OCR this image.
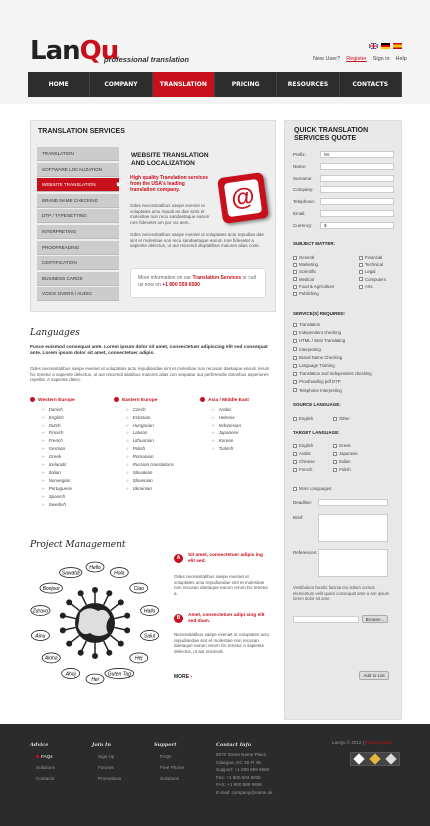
LanQu
professional translation	New User? Register Sign in Help
HOME	COMPANY	TRANSLATION	PRICING	RESOURCES	CONTACTS
TRANSLATION SERVICES
TRANSLATION
SOFTWARE LOCALIZATION
WEBSITE TRANSLATION	☛
BRAND NAME CHECKING
DTP / TYPESETTING
INTERPRETING
PROOFREADING
CERTIFICATION
BUSINESS CARDS
VOICE OVERS / AUDIO
WEBSITE TRANSLATION AND LOCALIZATION
High quality Translation services from the USA's leading translation company.
Odes necessitatibus saepe eveniet ut voluptates actu repudi an dae sints et molestiae non recu sandaetaque earum rure fidesetet om por vio aem.
Odes necessitatibus saepe eveniet ut voluptates actu repudian dae sint et molestiae non recu sandaetaque earum rure fidesetet a sapiente delectus, ut aut reiciendi dluptatibus maiores alias cone.
@
More information on our Translation Services or call us now on +1 800 559 6580
QUICK TRANSLATION SERVICES QUOTE
Prefix:	Mr.
Name:
Surname:
Company:
Telephone:
Email:
Currency:	$
SUBJECT MATTER:
General	Financial
Marketing	Technical
Scientific	Legal
Medical	Computers
Food & Agriculture	Arts
Publishing
SERVICE(S) REQUIRED:
Translation
Independent checking
HTML / Web Translating
Interpreting
Brand Name Checking
Language Training
Translation and Independent checking
Proofreading pdf DTP
Telephone Interpreting
SOURCE LANGUAGE:
English	Other
TARGET LANGUAGE:
English	Greek
Arabic	Japanese
Chinese	Italian
French	Polish
More Languages:
Deadline:
Brief:
References:
Vestibulum faculis facinia ero isitum cursus elementum velit quam consequat ante a are ipsum lorem dolor sit ame.
Browse...
Add to List
Languages
Fusce euismod consequat ante. Lorem ipsum dolor sit amet, consectetuer adipiscing elit sed consequat ante. Lorem ipsum dolor sit amet, consectetuer adipis.
Odes necessitatibus saepe eveniet ut voluptates actu repudiandae sint et molestiae non recusan daetaque earum rerum hic tenetur a sapiente delectus, ut aut reiciendi aliatibus maiores alias con sequatur aut perferendis doloribus asperiores repellat. A sapiente delec.
Western Europe
» Danish
» English
» Dutch
» Finnish
» French
» German
» Greek
» Icelandic
» Italian
» Norwegian
» Portuguese
» Spanish
» Swedish
Eastern Europe
» Czech
» Estonian
» Hungarian
» Latvian
» Lithuanian
» Polish
» Romanian
» Russian translations
» Slovakian
» Slovenian
» Ukrainian
Asia / Middle East
» Arabic
» Hebrew
» Indonesian
» Japanese
» Korean
» Turkish
Project Management
Hello
Hola
Ciao
Hallo
Salut
Hej
Guten Tag
Hei
Ahoj
Aloha
Ainu
Zdravo
Bonjour
Sawatdi
A	Sit amet, consectetuer adipis ing elit sed.
Odes necessitatibus saepe eveniet ut voluptates actu repudiandae sint et molestiae non recusan daetaque earum rerum hic tenetur a.
B	Amet, consectetuer adipi sing elit sed diam.
Necessitatibus saepe eveniet ut voluptates actu repudiandae sint et molestiae non recusan daetaque earum rerum hic tenetur a sapiente delectus, ut aut reiciendi.
MORE ›
Advice
FAQs
Solutions
Contacts
Join In
Sign Up
Forums
Promotions
Support
FAQs
Free Phone
Solutions
Contact Info
8870 Street Name Place,
Glasgow, DC 45 Fl 45.
Support: +1 800 559 6580
Fax: +1 800 603 6035
FAX: +1 800 889 9898
E-mail: company@name.uk
LanQu © 2012 | Privacy policy
